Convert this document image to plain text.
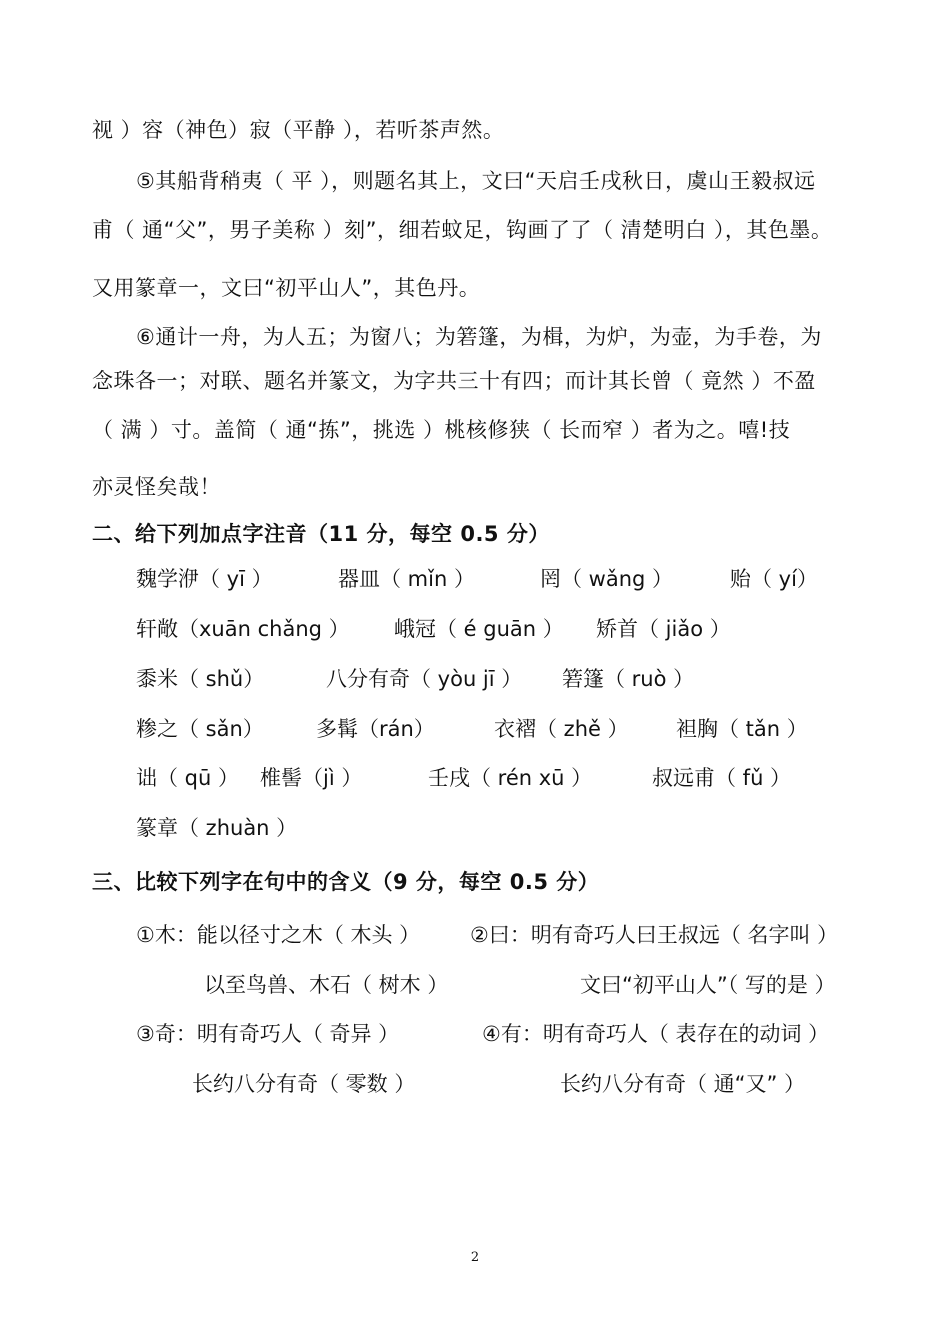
视 ）容（神色）寂（平静 ），若听茶声然。
⑤其船背稍夷（ 平 ），则题名其上，文曰“天启壬戌秋日，虞山王毅叔远
甫（ 通“父”，男子美称 ）刻”，细若蚊足，钩画了了（ 清楚明白 ），其色墨。
又用篆章一，文曰“初平山人”，其色丹。
⑥通计一舟，为人五；为窗八；为箬篷，为楫，为炉，为壶，为手卷，为
念珠各一；对联、题名并篆文，为字共三十有四；而计其长曾（ 竟然 ）不盈
（ 满 ）寸。盖简（ 通“拣”，挑选 ）桃核修狭（ 长而窄 ）者为之。嘻!技
亦灵怪矣哉！
二、给下列加点字注音（11 分，每空 0.5 分）
魏学洢（ yī ）	器皿（ mǐn ）	罔（ wǎng ）	贻（ yí）
轩敞（xuān chǎng ） 峨冠（ é guān ） 矫首（ jiǎo ）
黍米（ shǔ）	八分有奇（ yòu jī ） 箬篷（ ruò ）
糁之（ sǎn） 多髯（rán）	衣褶（ zhě ） 袒胸（ tǎn ）
诎（ qū ） 椎髻（jì ）	壬戌（ rén xū ）	叔远甫（ fǔ ）
篆章（ zhuàn ）
三、比较下列字在句中的含义（9 分，每空 0.5 分）
①木：能以径寸之木（ 木头 ） ②曰：明有奇巧人曰王叔远（ 名字叫 ）
以至鸟兽、木石（ 树木 ）	文曰“初平山人”（ 写的是 ）
③奇：明有奇巧人（ 奇异 ）	④有：明有奇巧人（ 表存在的动词 ）
长约八分有奇（ 零数 ）	长约八分有奇（ 通“又” ）
2
